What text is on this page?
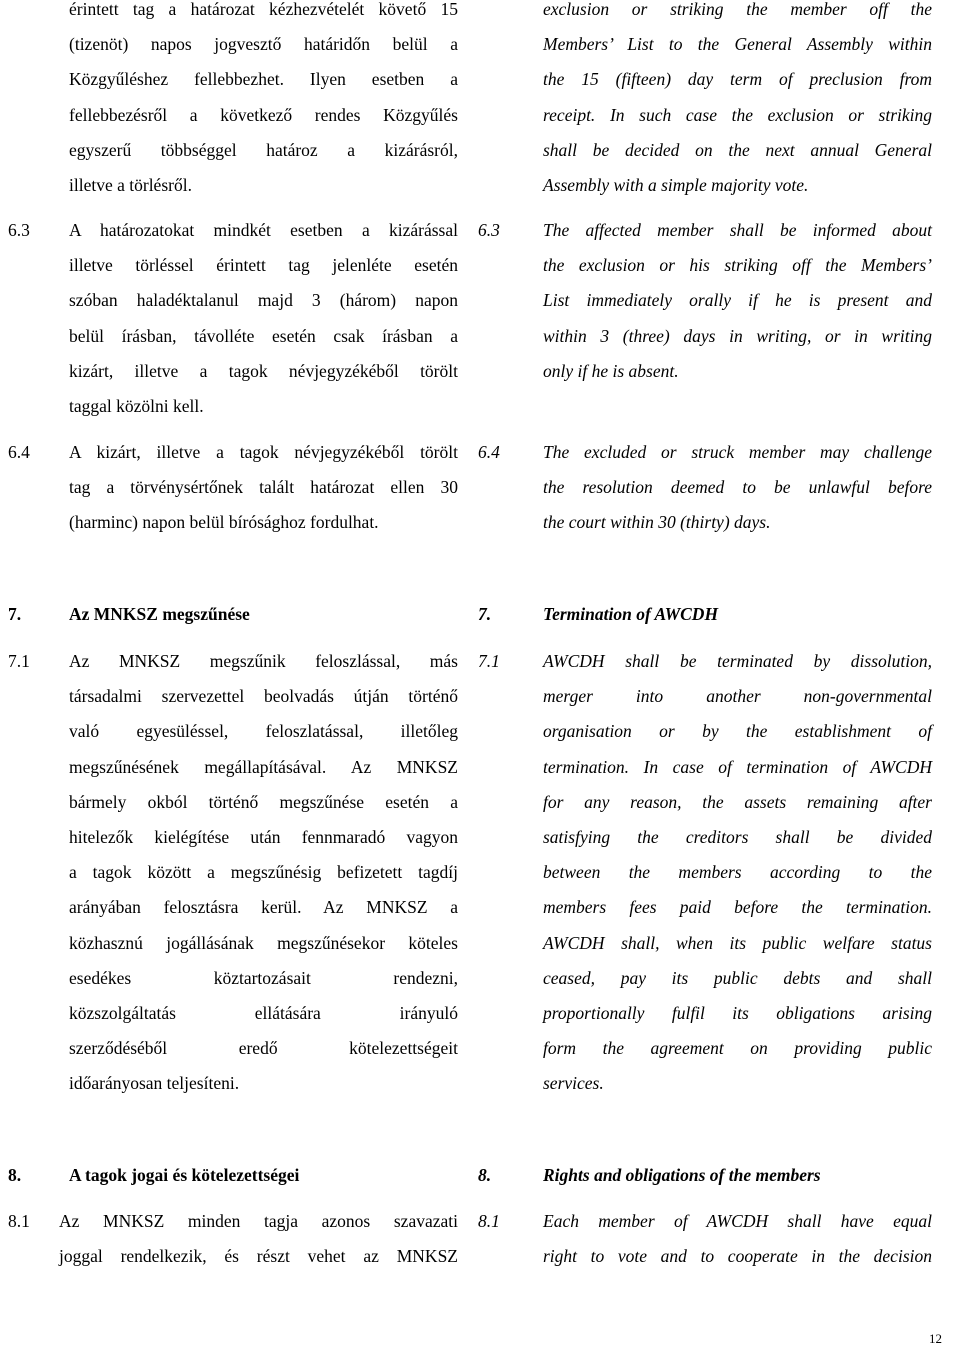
érintett tag a határozat kézhezvételét követő 15
(tizenöt) napos jogvesztő határidőn belül a
Közgyűléshez fellebbezhet. Ilyen esetben a
fellebbezésről a következő rendes Közgyűlés
egyszerű többséggel határoz a kizárásról,
illetve a törlésről.
exclusion or striking the member off the
Members’ List to the General Assembly within
the 15 (fifteen) day term of preclusion from
receipt. In such case the exclusion or striking
shall be decided on the next annual General
Assembly with a simple majority vote.
6.3 A határozatokat mindkét esetben a kizárással
illetve törléssel érintett tag jelenléte esetén
szóban haladéktalanul majd 3 (három) napon
belül írásban, távolléte esetén csak írásban a
kizárt, illetve a tagok névjegyzékéből törölt
taggal közölni kell.
6.3 The affected member shall be informed about
the exclusion or his striking off the Members’
List immediately orally if he is present and
within 3 (three) days in writing, or in writing
only if he is absent.
6.4 A kizárt, illetve a tagok névjegyzékéből törölt
tag a törvénysértőnek talált határozat ellen 30
(harminc) napon belül bírósághoz fordulhat.
6.4 The excluded or struck member may challenge
the resolution deemed to be unlawful before
the court within 30 (thirty) days.
7.	Az MNKSZ megszűnése	7.	Termination of AWCDH
7.1 Az MNKSZ megszűnik feloszlással, más
társadalmi szervezettel beolvadás útján történő
való egyesüléssel, feloszlatással, illetőleg
megszűnésének megállapításával. Az MNKSZ
bármely okból történő megszűnése esetén a
hitelezők kielégítése után fennmaradó vagyon
a tagok között a megszűnésig befizetett tagdíj
arányában felosztásra kerül. Az MNKSZ a
közhasznú jogállásának megszűnésekor köteles
esedékes köztartozásait rendezni,
közszolgáltatás ellátására irányuló
szerződéséből eredő kötelezettségeit
időarányosan teljesíteni.
7.1 AWCDH shall be terminated by dissolution,
merger into another non-governmental
organisation or by the establishment of
termination. In case of termination of AWCDH
for any reason, the assets remaining after
satisfying the creditors shall be divided
between the members according to the
members fees paid before the termination.
AWCDH shall, when its public welfare status
ceased, pay its public debts and shall
proportionally fulfil its obligations arising
form the agreement on providing public
services.
8.	A tagok jogai és kötelezettségei	8.	Rights and obligations of the members
8.1 Az MNKSZ minden tagja azonos szavazati
joggal rendelkezik, és részt vehet az MNKSZ
8.1 Each member of AWCDH shall have equal
right to vote and to cooperate in the decision
12
